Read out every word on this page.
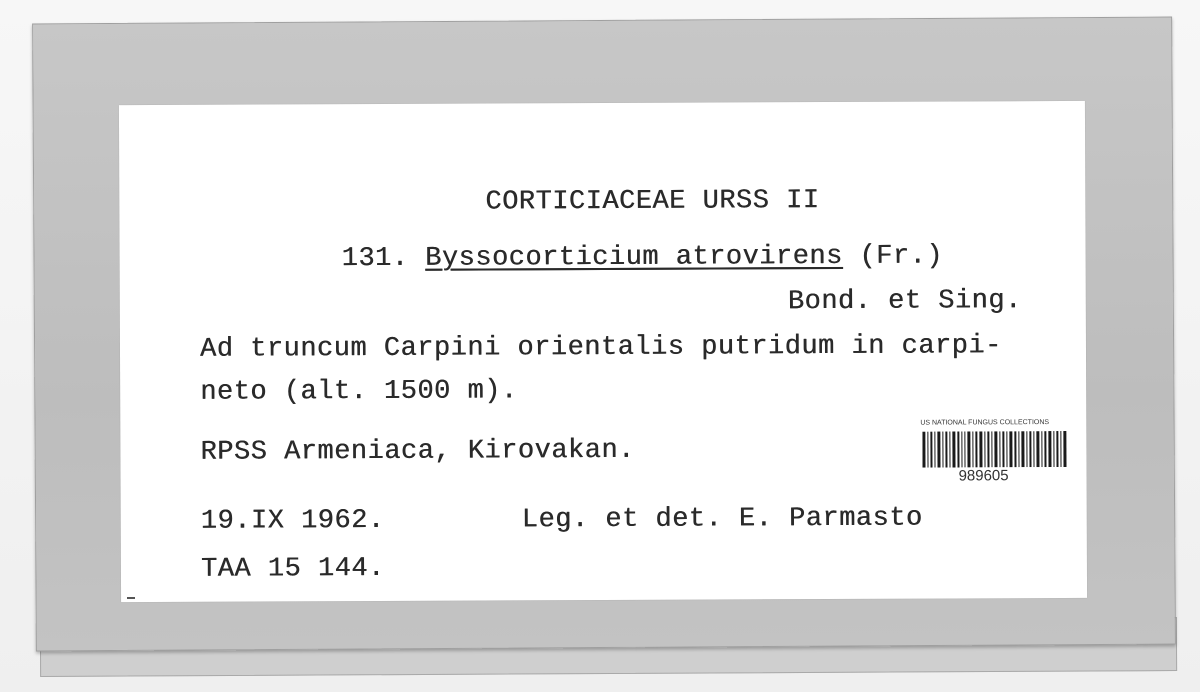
CORTICIACEAE URSS II
131. Byssocorticium atrovirens (Fr.)
Bond. et Sing.
Ad truncum Carpini orientalis putridum in carpi-
neto (alt. 1500 m).
RPSS Armeniaca, Kirovakan.
19.IX 1962.	Leg. et det. E. Parmasto
TAA 15 144.
US NATIONAL FUNGUS COLLECTIONS
989605
